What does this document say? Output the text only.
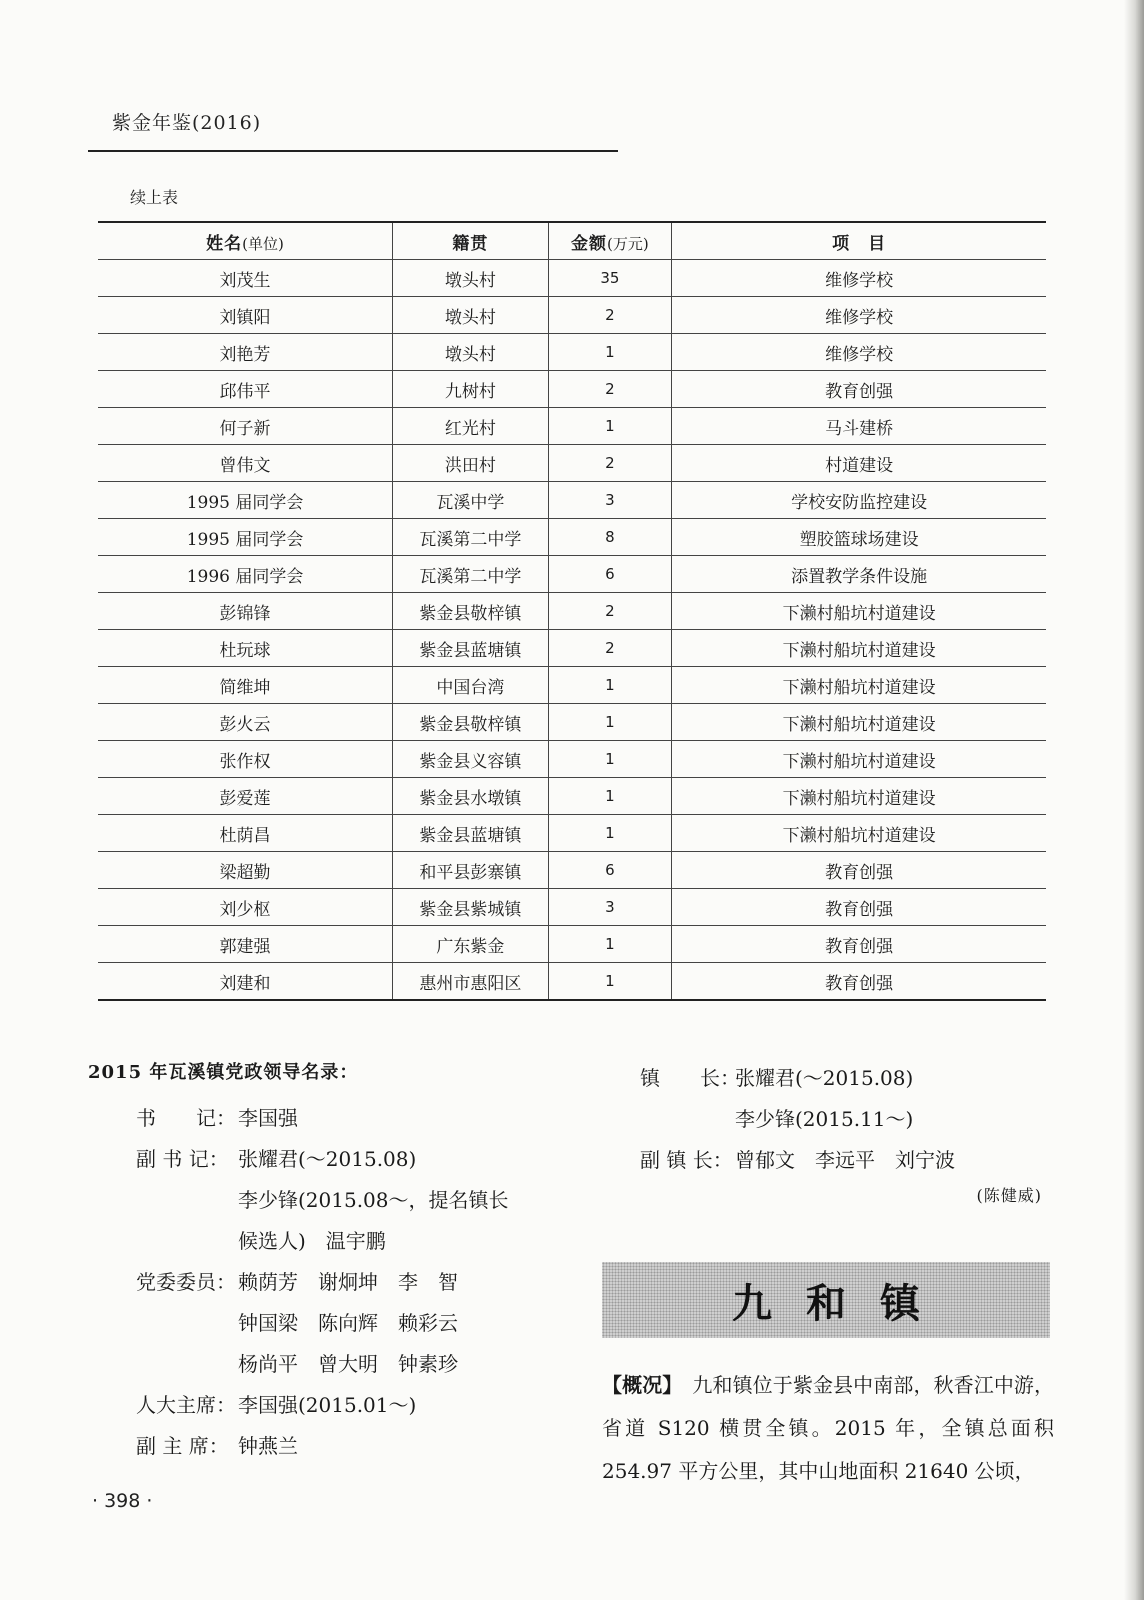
紫金年鉴(2016)
续上表
姓名(单位)	籍贯	金额(万元)	项　目
刘茂生	墩头村	35	维修学校
刘镇阳	墩头村	2	维修学校
刘艳芳	墩头村	1	维修学校
邱伟平	九树村	2	教育创强
何子新	红光村	1	马斗建桥
曾伟文	洪田村	2	村道建设
1995 届同学会	瓦溪中学	3	学校安防监控建设
1995 届同学会	瓦溪第二中学	8	塑胶篮球场建设
1996 届同学会	瓦溪第二中学	6	添置教学条件设施
彭锦锋	紫金县敬梓镇	2	下濑村船坑村道建设
杜玩球	紫金县蓝塘镇	2	下濑村船坑村道建设
简维坤	中国台湾	1	下濑村船坑村道建设
彭火云	紫金县敬梓镇	1	下濑村船坑村道建设
张作权	紫金县义容镇	1	下濑村船坑村道建设
彭爱莲	紫金县水墩镇	1	下濑村船坑村道建设
杜荫昌	紫金县蓝塘镇	1	下濑村船坑村道建设
梁超勤	和平县彭寨镇	6	教育创强
刘少枢	紫金县紫城镇	3	教育创强
郭建强	广东紫金	1	教育创强
刘建和	惠州市惠阳区	1	教育创强
2015 年瓦溪镇党政领导名录：
书　　记： 李国强
副 书 记： 张耀君(～2015.08)
李少锋(2015.08～，提名镇长
候选人)　温宇鹏
党委委员： 赖荫芳　谢炯坤　李　智
钟国梁　陈向辉　赖彩云
杨尚平　曾大明　钟素珍
人大主席： 李国强(2015.01～)
副 主 席： 钟燕兰
镇　　长：
张耀君(～2015.08)
李少锋(2015.11～)
副 镇 长： 曾郁文　李远平　刘宁波
(陈健威)
九和镇
【概况】 九和镇位于紫金县中南部，秋香江中游，省道 S120 横贯全镇。2015 年，全镇总面积 254.97 平方公里，其中山地面积 21640 公顷，
· 398 ·
